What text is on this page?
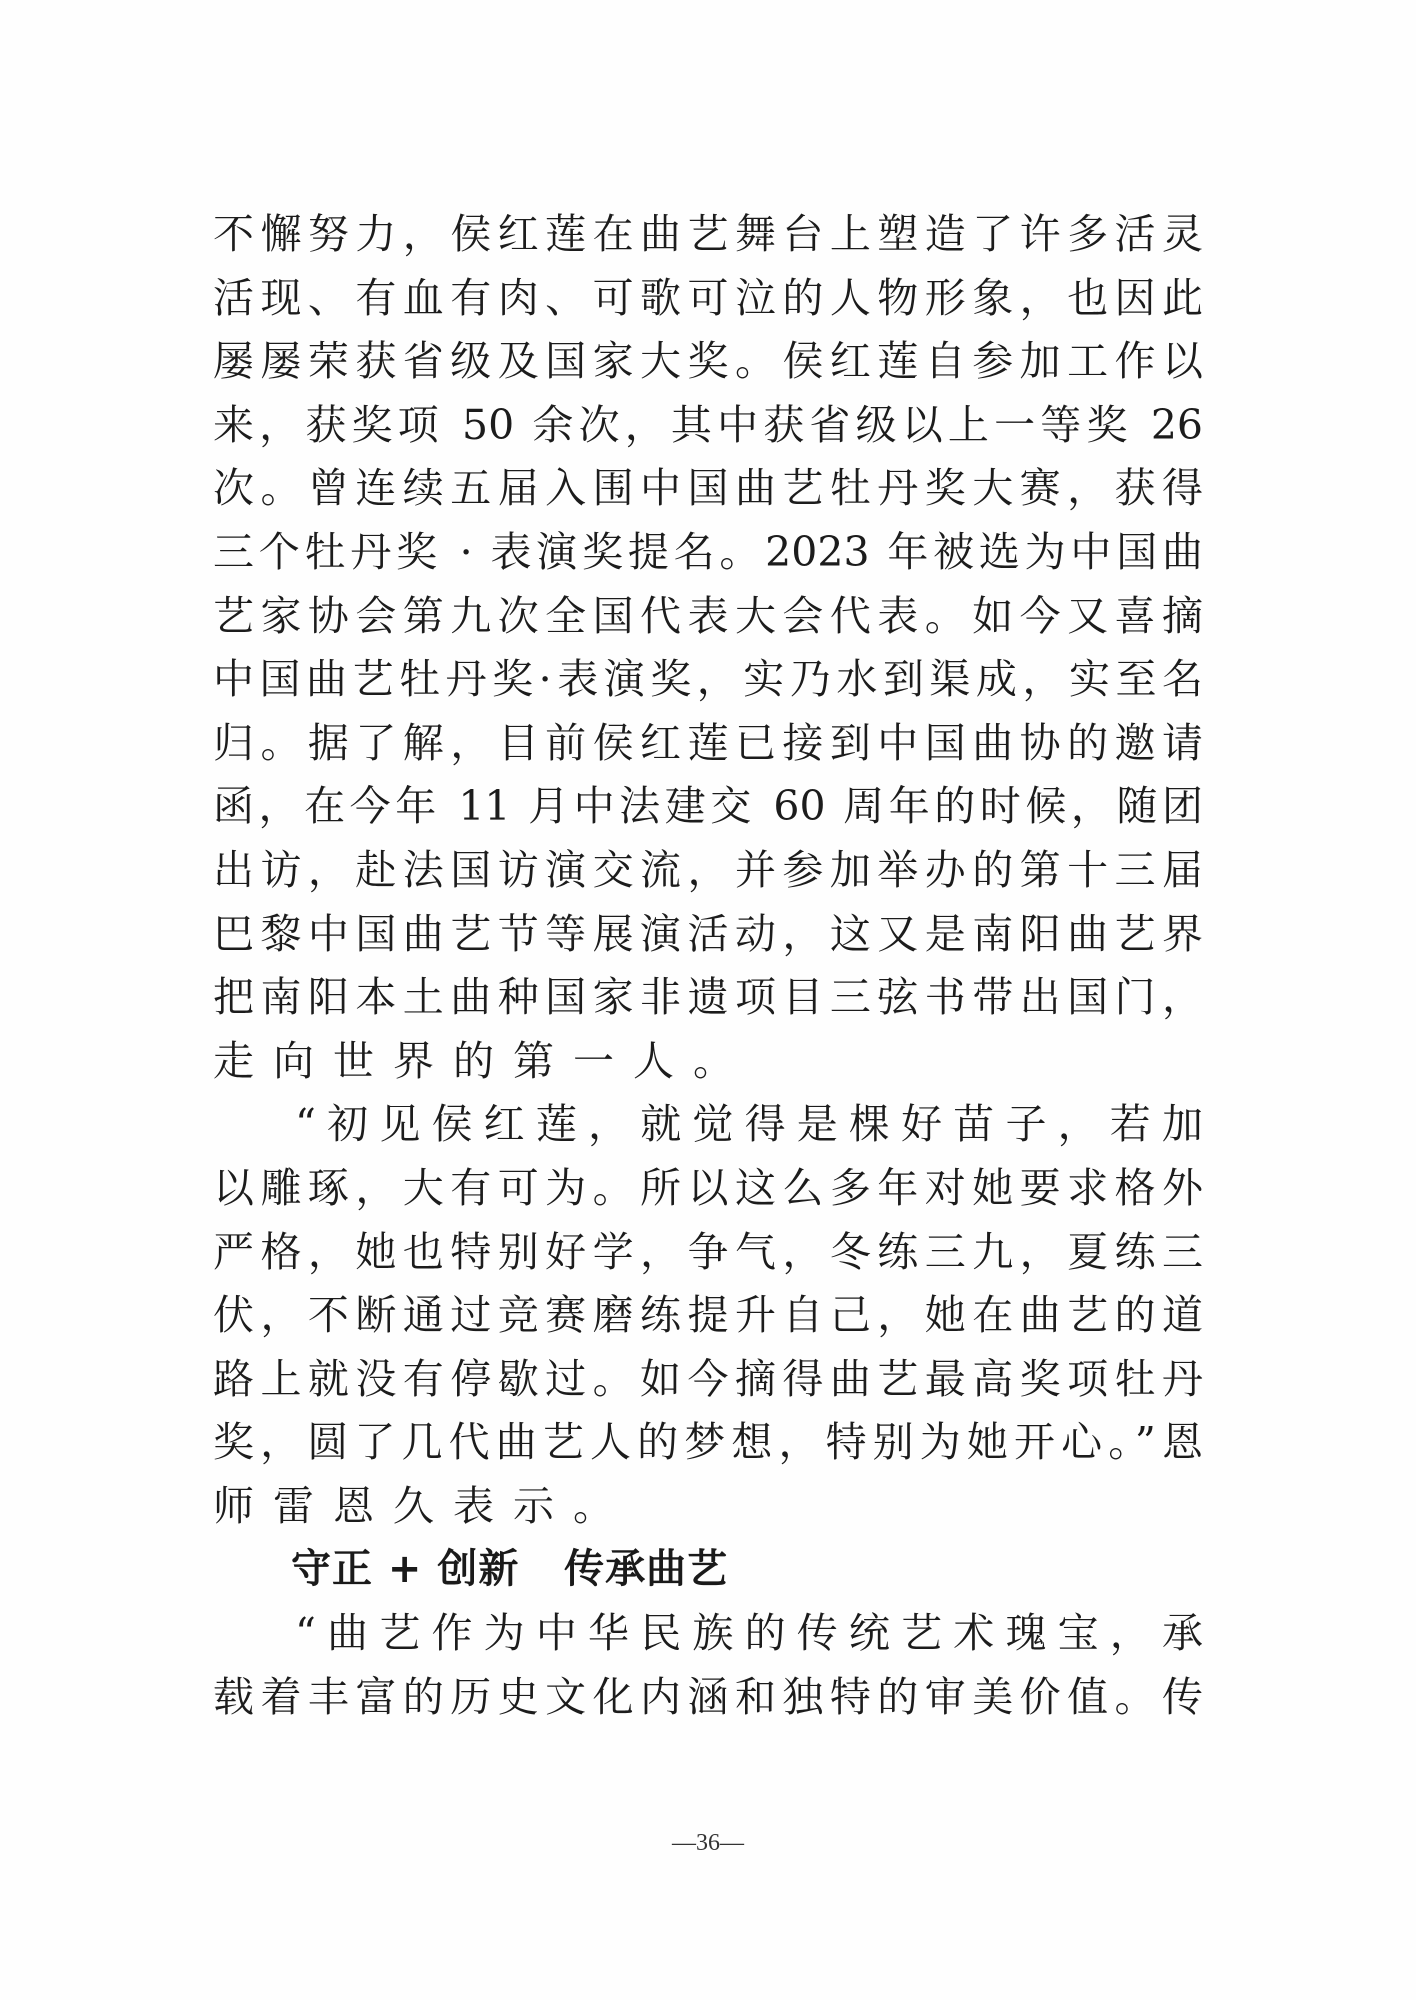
不懈努力，侯红莲在曲艺舞台上塑造了许多活灵
活现、有血有肉、可歌可泣的人物形象，也因此
屡屡荣获省级及国家大奖。侯红莲自参加工作以
来，获奖项 50 余次，其中获省级以上一等奖 26
次。曾连续五届入围中国曲艺牡丹奖大赛，获得
三个牡丹奖 · 表演奖提名。2023 年被选为中国曲
艺家协会第九次全国代表大会代表。如今又喜摘
中国曲艺牡丹奖·表演奖，实乃水到渠成，实至名
归。据了解，目前侯红莲已接到中国曲协的邀请
函，在今年 11 月中法建交 60 周年的时候，随团
出访，赴法国访演交流，并参加举办的第十三届
巴黎中国曲艺节等展演活动，这又是南阳曲艺界
把南阳本土曲种国家非遗项目三弦书带出国门，
走向世界的第一人。
“初见侯红莲，就觉得是棵好苗子，若加
以雕琢，大有可为。所以这么多年对她要求格外
严格，她也特别好学，争气，冬练三九，夏练三
伏，不断通过竞赛磨练提升自己，她在曲艺的道
路上就没有停歇过。如今摘得曲艺最高奖项牡丹
奖，圆了几代曲艺人的梦想，特别为她开心。”恩
师雷恩久表示。
守正 + 创新   传承曲艺
“曲艺作为中华民族的传统艺术瑰宝，承
载着丰富的历史文化内涵和独特的审美价值。传
—36—
